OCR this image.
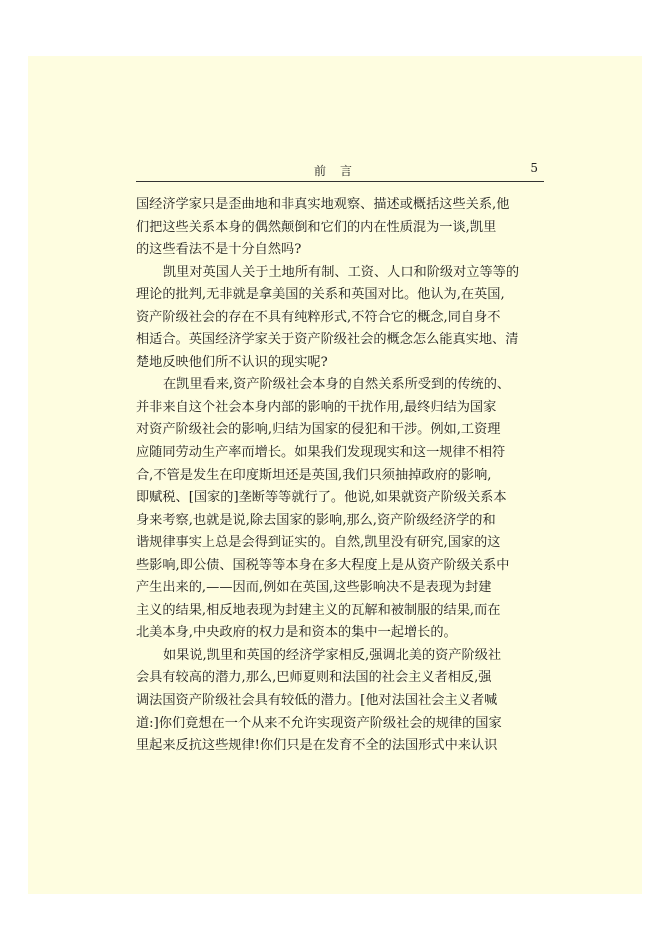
前言	5
国经济学家只是歪曲地和非真实地观察、描述或概括这些关系,他
们把这些关系本身的偶然颠倒和它们的内在性质混为一谈,凯里
的这些看法不是十分自然吗?
凯里对英国人关于土地所有制、工资、人口和阶级对立等等的
理论的批判,无非就是拿美国的关系和英国对比。他认为,在英国,
资产阶级社会的存在不具有纯粹形式,不符合它的概念,同自身不
相适合。英国经济学家关于资产阶级社会的概念怎么能真实地、清
楚地反映他们所不认识的现实呢?
在凯里看来,资产阶级社会本身的自然关系所受到的传统的、
并非来自这个社会本身内部的影响的干扰作用,最终归结为国家
对资产阶级社会的影响,归结为国家的侵犯和干涉。例如,工资理
应随同劳动生产率而增长。如果我们发现现实和这一规律不相符
合,不管是发生在印度斯坦还是英国,我们只须抽掉政府的影响,
即赋税、[国家的]垄断等等就行了。他说,如果就资产阶级关系本
身来考察,也就是说,除去国家的影响,那么,资产阶级经济学的和
谐规律事实上总是会得到证实的。自然,凯里没有研究,国家的这
些影响,即公债、国税等等本身在多大程度上是从资产阶级关系中
产生出来的,——因而,例如在英国,这些影响决不是表现为封建
主义的结果,相反地表现为封建主义的瓦解和被制服的结果,而在
北美本身,中央政府的权力是和资本的集中一起增长的。
如果说,凯里和英国的经济学家相反,强调北美的资产阶级社
会具有较高的潜力,那么,巴师夏则和法国的社会主义者相反,强
调法国资产阶级社会具有较低的潜力。[他对法国社会主义者喊
道:]你们竟想在一个从来不允许实现资产阶级社会的规律的国家
里起来反抗这些规律!你们只是在发育不全的法国形式中来认识
